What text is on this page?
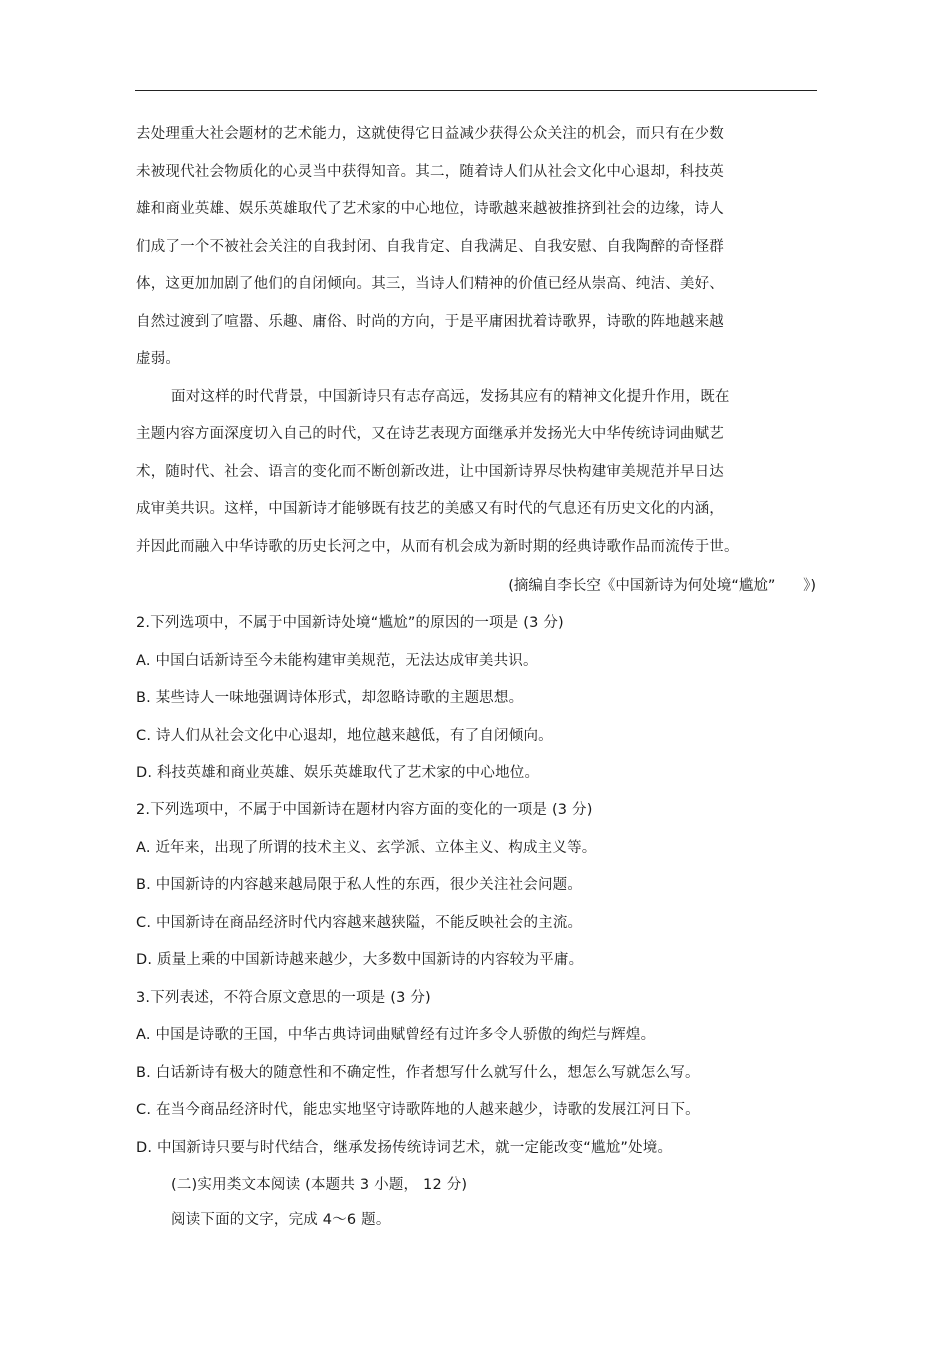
去处理重大社会题材的艺术能力，这就使得它日益减少获得公众关注的机会，而只有在少数
未被现代社会物质化的心灵当中获得知音。其二，随着诗人们从社会文化中心退却，科技英
雄和商业英雄、娱乐英雄取代了艺术家的中心地位，诗歌越来越被推挤到社会的边缘，诗人
们成了一个不被社会关注的自我封闭、自我肯定、自我满足、自我安慰、自我陶醉的奇怪群
体，这更加加剧了他们的自闭倾向。其三，当诗人们精神的价值已经从崇高、纯洁、美好、
自然过渡到了喧嚣、乐趣、庸俗、时尚的方向，于是平庸困扰着诗歌界，诗歌的阵地越来越
虚弱。
面对这样的时代背景，中国新诗只有志存高远，发扬其应有的精神文化提升作用，既在
主题内容方面深度切入自己的时代，又在诗艺表现方面继承并发扬光大中华传统诗词曲赋艺
术，随时代、社会、语言的变化而不断创新改进，让中国新诗界尽快构建审美规范并早日达
成审美共识。这样，中国新诗才能够既有技艺的美感又有时代的气息还有历史文化的内涵，
并因此而融入中华诗歌的历史长河之中，从而有机会成为新时期的经典诗歌作品而流传于世。
(摘编自李长空《中国新诗为何处境“尴尬”      》)
2.下列选项中，不属于中国新诗处境“尴尬”的原因的一项是 (3 分)
A. 中国白话新诗至今未能构建审美规范，无法达成审美共识。
B. 某些诗人一味地强调诗体形式，却忽略诗歌的主题思想。
C. 诗人们从社会文化中心退却，地位越来越低，有了自闭倾向。
D. 科技英雄和商业英雄、娱乐英雄取代了艺术家的中心地位。
2.下列选项中，不属于中国新诗在题材内容方面的变化的一项是 (3 分)
A. 近年来，出现了所谓的技术主义、玄学派、立体主义、构成主义等。
B. 中国新诗的内容越来越局限于私人性的东西，很少关注社会问题。
C. 中国新诗在商品经济时代内容越来越狭隘，不能反映社会的主流。
D. 质量上乘的中国新诗越来越少，大多数中国新诗的内容较为平庸。
3.下列表述，不符合原文意思的一项是 (3 分)
A. 中国是诗歌的王国，中华古典诗词曲赋曾经有过许多令人骄傲的绚烂与辉煌。
B. 白话新诗有极大的随意性和不确定性，作者想写什么就写什么，想怎么写就怎么写。
C. 在当今商品经济时代，能忠实地坚守诗歌阵地的人越来越少，诗歌的发展江河日下。
D. 中国新诗只要与时代结合，继承发扬传统诗词艺术，就一定能改变“尴尬”处境。
(二)实用类文本阅读 (本题共 3 小题， 12 分)
阅读下面的文字，完成 4～6 题。
